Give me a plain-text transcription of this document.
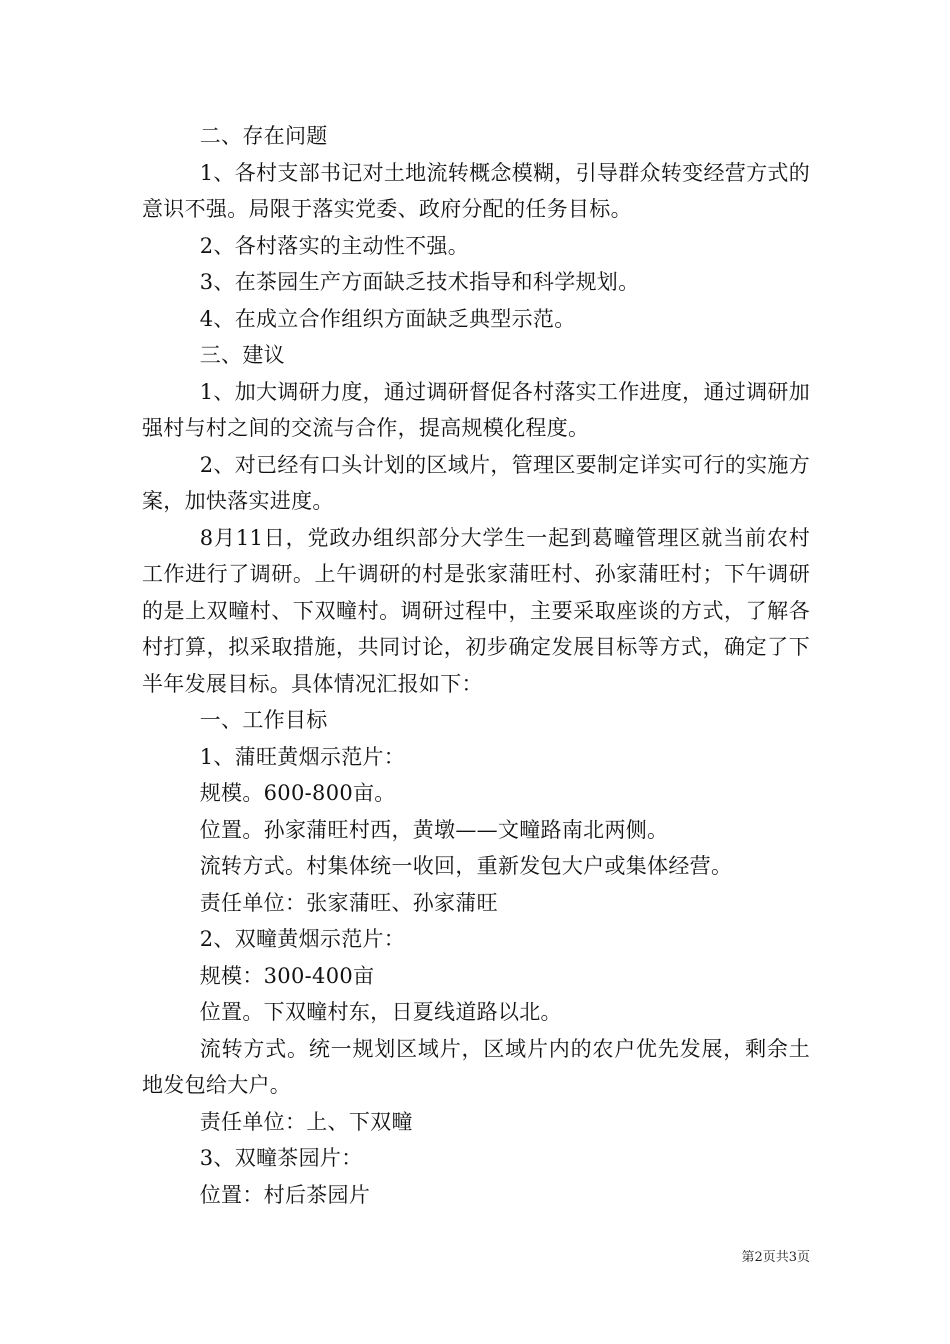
二、存在问题

1、各村支部书记对土地流转概念模糊，引导群众转变经营方式的意识不强。局限于落实党委、政府分配的任务目标。

2、各村落实的主动性不强。

3、在茶园生产方面缺乏技术指导和科学规划。

4、在成立合作组织方面缺乏典型示范。

三、建议

1、加大调研力度，通过调研督促各村落实工作进度，通过调研加强村与村之间的交流与合作，提高规模化程度。

2、对已经有口头计划的区域片，管理区要制定详实可行的实施方案，加快落实进度。

8月11日，党政办组织部分大学生一起到葛疃管理区就当前农村工作进行了调研。上午调研的村是张家蒲旺村、孙家蒲旺村；下午调研的是上双疃村、下双疃村。调研过程中，主要采取座谈的方式，了解各村打算，拟采取措施，共同讨论，初步确定发展目标等方式，确定了下半年发展目标。具体情况汇报如下：

一、工作目标

1、蒲旺黄烟示范片：

规模。600-800亩。

位置。孙家蒲旺村西，黄墩——文疃路南北两侧。

流转方式。村集体统一收回，重新发包大户或集体经营。

责任单位：张家蒲旺、孙家蒲旺

2、双疃黄烟示范片：

规模：300-400亩

位置。下双疃村东，日夏线道路以北。

流转方式。统一规划区域片，区域片内的农户优先发展，剩余土地发包给大户。

责任单位：上、下双疃

3、双疃茶园片：

位置：村后茶园片

第2页共3页
